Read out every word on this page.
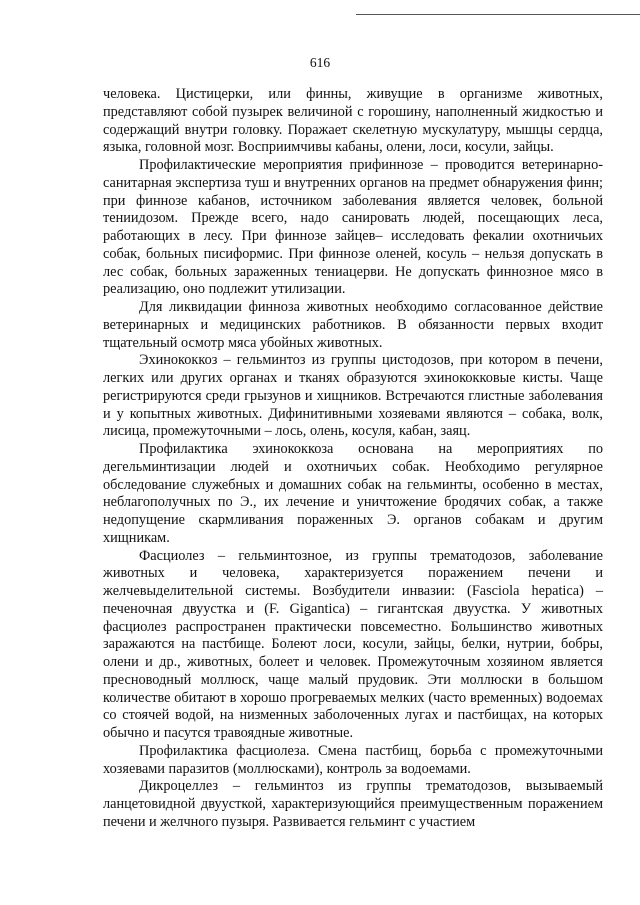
616

человека. Цистицерки, или финны, живущие в организме животных, представляют собой пузырек величиной с горошину, наполненный жидкостью и содержащий внутри головку. Поражает скелетную мускулатуру, мышцы сердца, языка, головной мозг. Восприимчивы кабаны, олени, лоси, косули, зайцы.

Профилактические мероприятия прифиннозе – проводится ветеринарно-санитарная экспертиза туш и внутренних органов на предмет обнаружения финн; при финнозе кабанов, источником заболевания является человек, больной тениидозом. Прежде всего, надо санировать людей, посещающих леса, работающих в лесу. При финнозе зайцев– исследовать фекалии охотничьих собак, больных писиформис. При финнозе оленей, косуль – нельзя допускать в лес собак, больных зараженных тениацерви. Не допускать финнозное мясо в реализацию, оно подлежит утилизации.

Для ликвидации финноза животных необходимо согласованное действие ветеринарных и медицинских работников. В обязанности первых входит тщательный осмотр мяса убойных животных.

Эхинококкоз – гельминтоз из группы цистодозов, при котором в печени, легких или других органах и тканях образуются эхинококковые кисты. Чаще регистрируются среди грызунов и хищников. Встречаются глистные заболевания и у копытных животных. Дифинитивными хозяевами являются – собака, волк, лисица, промежуточными – лось, олень, косуля, кабан, заяц.

Профилактика эхинококкоза основана на мероприятиях по дегельминтизации людей и охотничьих собак. Необходимо регулярное обследование служебных и домашних собак на гельминты, особенно в местах, неблагополучных по Э., их лечение и уничтожение бродячих собак, а также недопущение скармливания пораженных Э. органов собакам и другим хищникам.

Фасциолез – гельминтозное, из группы трематодозов, заболевание животных и человека, характеризуется поражением печени и желчевыделительной системы. Возбудители инвазии: (Fasciola hepatica) – печеночная двуустка и (F. Gigantica) – гигантская двуустка. У животных фасциолез распространен практически повсеместно. Большинство животных заражаются на пастбище. Болеют лоси, косули, зайцы, белки, нутрии, бобры, олени и др., животных, болеет и человек. Промежуточным хозяином является пресноводный моллюск, чаще малый прудовик. Эти моллюски в большом количестве обитают в хорошо прогреваемых мелких (часто временных) водоемах со стоячей водой, на низменных заболоченных лугах и пастбищах, на которых обычно и пасутся травоядные животные.

Профилактика фасциолеза. Смена пастбищ, борьба с промежуточными хозяевами паразитов (моллюсками), контроль за водоемами.

Дикроцеллез – гельминтоз из группы трематодозов, вызываемый ланцетовидной двуусткой, характеризующийся преимущественным поражением печени и желчного пузыря. Развивается гельминт с участием
